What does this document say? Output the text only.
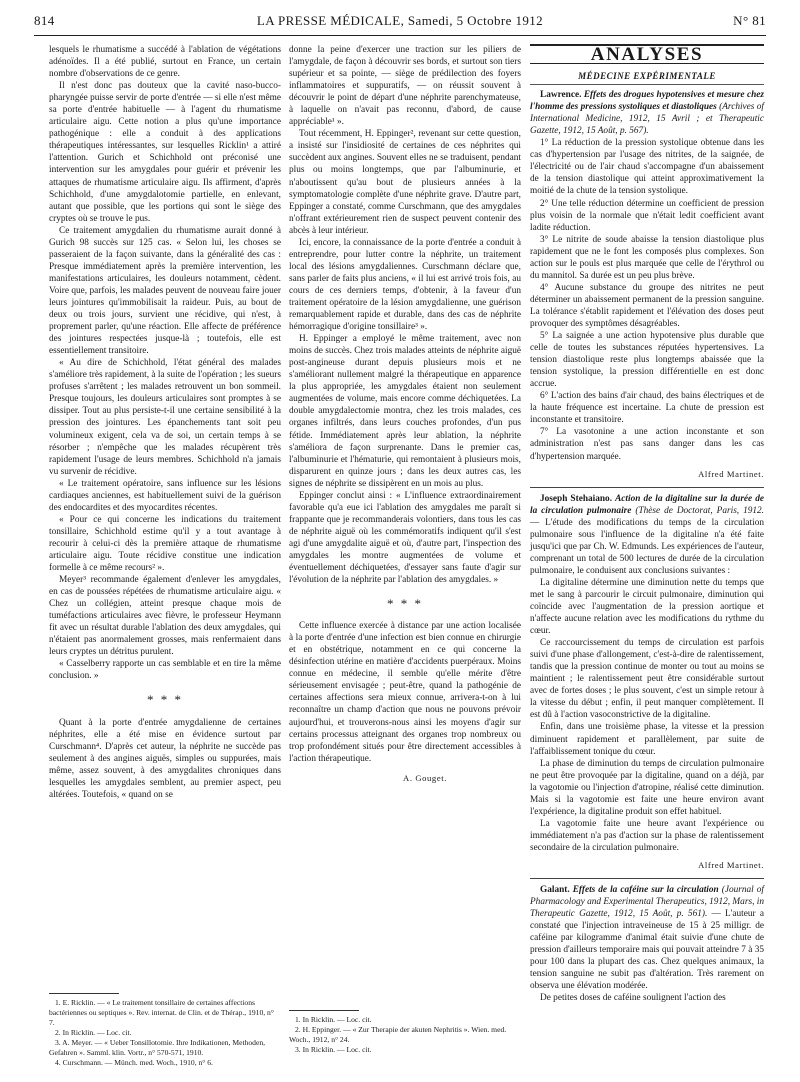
814	LA PRESSE MÉDICALE, Samedi, 5 Octobre 1912	N° 81

lesquels le rhumatisme a succédé à l'ablation de végétations adénoïdes. Il a été publié, surtout en France, un certain nombre d'observations de ce genre.

Il n'est donc pas douteux que la cavité naso-bucco-pharyngée puisse servir de porte d'entrée — si elle n'est même sa porte d'entrée habituelle — à l'agent du rhumatisme articulaire aigu. Cette notion a plus qu'une importance pathogénique : elle a conduit à des applications thérapeutiques intéressantes, sur lesquelles Ricklin¹ a attiré l'attention. Gurich et Schichhold ont préconisé une intervention sur les amygdales pour guérir et prévenir les attaques de rhumatisme articulaire aigu. Ils affirment, d'après Schichhold, d'une amygdalotomie partielle, en enlevant, autant que possible, que les portions qui sont le siège des cryptes où se trouve le pus.

Ce traitement amygdalien du rhumatisme aurait donné à Gurich 98 succès sur 125 cas. « Selon lui, les choses se passeraient de la façon suivante, dans la généralité des cas : Presque immédiatement après la première intervention, les manifestations articulaires, les douleurs notamment, cèdent. Voire que, parfois, les malades peuvent de nouveau faire jouer leurs jointures qu'immobilisait la raideur. Puis, au bout de deux ou trois jours, survient une récidive, qui n'est, à proprement parler, qu'une réaction. Elle affecte de préférence des jointures respectées jusque-là ; toutefois, elle est essentiellement transitoire.

« Au dire de Schichhold, l'état général des malades s'améliore très rapidement, à la suite de l'opération ; les sueurs profuses s'arrêtent ; les malades retrouvent un bon sommeil. Presque toujours, les douleurs articulaires sont promptes à se dissiper. Tout au plus persiste-t-il une certaine sensibilité à la pression des jointures. Les épanchements tant soit peu volumineux exigent, cela va de soi, un certain temps à se résorber ; n'empêche que les malades récupèrent très rapidement l'usage de leurs membres. Schichhold n'a jamais vu survenir de récidive.

« Le traitement opératoire, sans influence sur les lésions cardiaques anciennes, est habituellement suivi de la guérison des endocardites et des myocardites récentes.

« Pour ce qui concerne les indications du traitement tonsillaire, Schichhold estime qu'il y a tout avantage à recourir à celui-ci dès la première attaque de rhumatisme articulaire aigu. Toute récidive constitue une indication formelle à ce même recours² ».

Meyer³ recommande également d'enlever les amygdales, en cas de poussées répétées de rhumatisme articulaire aigu. « Chez un collégien, atteint presque chaque mois de tuméfactions articulaires avec fièvre, le professeur Heymann fit avec un résultat durable l'ablation des deux amygdales, qui n'étaient pas anormalement grosses, mais renfermaient dans leurs cryptes un détritus purulent.

« Casselberry rapporte un cas semblable et en tire la même conclusion. »

* * *

Quant à la porte d'entrée amygdalienne de certaines néphrites, elle a été mise en évidence surtout par Curschmann⁴. D'après cet auteur, la néphrite ne succède pas seulement à des angines aiguës, simples ou suppurées, mais même, assez souvent, à des amygdalites chroniques dans lesquelles les amygdales semblent, au premier aspect, peu altérées. Toutefois, « quand on se

1. E. Ricklin. — « Le traitement tonsillaire de certaines affections bactériennes ou septiques ». Rev. internat. de Clin. et de Thérap., 1910, n° 7.

2. In Ricklin. — Loc. cit.

3. A. Meyer. — « Ueber Tonsillotomie. Ihre Indikationen, Methoden, Gefahren ». Samml. klin. Vortr., n° 570-571, 1910.

4. Curschmann. — Münch. med. Woch., 1910, n° 6.

donne la peine d'exercer une traction sur les piliers de l'amygdale, de façon à découvrir ses bords, et surtout son tiers supérieur et sa pointe, — siège de prédilection des foyers inflammatoires et suppuratifs, — on réussit souvent à découvrir le point de départ d'une néphrite parenchymateuse, à laquelle on n'avait pas reconnu, d'abord, de cause appréciable¹ ».

Tout récemment, H. Eppinger², revenant sur cette question, a insisté sur l'insidiosité de certaines de ces néphrites qui succèdent aux angines. Souvent elles ne se traduisent, pendant plus ou moins longtemps, que par l'albuminurie, et n'aboutissent qu'au bout de plusieurs années à la symptomatologie complète d'une néphrite grave. D'autre part, Eppinger a constaté, comme Curschmann, que des amygdales n'offrant extérieurement rien de suspect peuvent contenir des abcès à leur intérieur.

Ici, encore, la connaissance de la porte d'entrée a conduit à entreprendre, pour lutter contre la néphrite, un traitement local des lésions amygdaliennes. Curschmann déclare que, sans parler de faits plus anciens, « il lui est arrivé trois fois, au cours de ces derniers temps, d'obtenir, à la faveur d'un traitement opératoire de la lésion amygdalienne, une guérison remarquablement rapide et durable, dans des cas de néphrite hémorragique d'origine tonsillaire³ ».

H. Eppinger a employé le même traitement, avec non moins de succès. Chez trois malades atteints de néphrite aiguë post-angineuse durant depuis plusieurs mois et ne s'améliorant nullement malgré la thérapeutique en apparence la plus appropriée, les amygdales étaient non seulement augmentées de volume, mais encore comme déchiquetées. La double amygdalectomie montra, chez les trois malades, ces organes infiltrés, dans leurs couches profondes, d'un pus fétide. Immédiatement après leur ablation, la néphrite s'améliora de façon surprenante. Dans le premier cas, l'albuminurie et l'hématurie, qui remontaient à plusieurs mois, disparurent en quinze jours ; dans les deux autres cas, les signes de néphrite se dissipèrent en un mois au plus.

Eppinger conclut ainsi : « L'influence extraordinairement favorable qu'a eue ici l'ablation des amygdales me paraît si frappante que je recommanderais volontiers, dans tous les cas de néphrite aiguë où les commémoratifs indiquent qu'il s'est agi d'une amygdalite aiguë et où, d'autre part, l'inspection des amygdales les montre augmentées de volume et éventuellement déchiquetées, d'essayer sans faute d'agir sur l'évolution de la néphrite par l'ablation des amygdales. »

* * *

Cette influence exercée à distance par une action localisée à la porte d'entrée d'une infection est bien connue en chirurgie et en obstétrique, notamment en ce qui concerne la désinfection utérine en matière d'accidents puerpéraux. Moins connue en médecine, il semble qu'elle mérite d'être sérieusement envisagée ; peut-être, quand la pathogénie de certaines affections sera mieux connue, arrivera-t-on à lui reconnaître un champ d'action que nous ne pouvons prévoir aujourd'hui, et trouverons-nous ainsi les moyens d'agir sur certains processus atteignant des organes trop nombreux ou trop profondément situés pour être directement accessibles à l'action thérapeutique.

A. Gouget.

1. In Ricklin. — Loc. cit.

2. H. Eppinger. — « Zur Therapie der akuten Nephritis ». Wien. med. Woch., 1912, n° 24.

3. In Ricklin. — Loc. cit.

ANALYSES
MÉDECINE EXPÉRIMENTALE

Lawrence. Effets des drogues hypotensives et mesure chez l'homme des pressions systoliques et diastoliques (Archives of International Medicine, 1912, 15 Avril ; et Therapeutic Gazette, 1912, 15 Août, p. 567).

1° La réduction de la pression systolique obtenue dans les cas d'hypertension par l'usage des nitrites, de la saignée, de l'électricité ou de l'air chaud s'accompagne d'un abaissement de la tension diastolique qui atteint approximativement la moitié de la chute de la tension systolique.

2° Une telle réduction détermine un coefficient de pression plus voisin de la normale que n'était ledit coefficient avant ladite réduction.

3° Le nitrite de soude abaisse la tension diastolique plus rapidement que ne le font les composés plus complexes. Son action sur le pouls est plus marquée que celle de l'érythrol ou du mannitol. Sa durée est un peu plus brève.

4° Aucune substance du groupe des nitrites ne peut déterminer un abaissement permanent de la pression sanguine. La tolérance s'établit rapidement et l'élévation des doses peut provoquer des symptômes désagréables.

5° La saignée a une action hypotensive plus durable que celle de toutes les substances réputées hypertensives. La tension diastolique reste plus longtemps abaissée que la tension systolique, la pression différentielle en est donc accrue.

6° L'action des bains d'air chaud, des bains électriques et de la haute fréquence est incertaine. La chute de pression est inconstante et transitoire.

7° La vasotonine a une action inconstante et son administration n'est pas sans danger dans les cas d'hypertension marquée.

Alfred Martinet.

Joseph Stehaiano. Action de la digitaline sur la durée de la circulation pulmonaire (Thèse de Doctorat, Paris, 1912. — L'étude des modifications du temps de la circulation pulmonaire sous l'influence de la digitaline n'a été faite jusqu'ici que par Ch. W. Edmunds. Les expériences de l'auteur, comprenant un total de 500 lectures de durée de la circulation pulmonaire, le conduisent aux conclusions suivantes :

La digitaline détermine une diminution nette du temps que met le sang à parcourir le circuit pulmonaire, diminution qui coïncide avec l'augmentation de la pression aortique et n'affecte aucune relation avec les modifications du rythme du cœur.

Ce raccourcissement du temps de circulation est parfois suivi d'une phase d'allongement, c'est-à-dire de ralentissement, tandis que la pression continue de monter ou tout au moins se maintient ; le ralentissement peut être considérable surtout avec de fortes doses ; le plus souvent, c'est un simple retour à la vitesse du début ; enfin, il peut manquer complètement. Il est dû à l'action vasoconstrictive de la digitaline.

Enfin, dans une troisième phase, la vitesse et la pression diminuent rapidement et parallèlement, par suite de l'affaiblissement tonique du cœur.

La phase de diminution du temps de circulation pulmonaire ne peut être provoquée par la digitaline, quand on a déjà, par la vagotomie ou l'injection d'atropine, réalisé cette diminution. Mais si la vagotomie est faite une heure environ avant l'expérience, la digitaline produit son effet habituel.

La vagotomie faite une heure avant l'expérience ou immédiatement n'a pas d'action sur la phase de ralentissement secondaire de la circulation pulmonaire.

Alfred Martinet.

Galant. Effets de la caféine sur la circulation (Journal of Pharmacology and Experimental Therapeutics, 1912, Mars, in Therapeutic Gazette, 1912, 15 Août, p. 561). — L'auteur a constaté que l'injection intraveineuse de 15 à 25 milligr. de caféine par kilogramme d'animal était suivie d'une chute de pression d'ailleurs temporaire mais qui pouvait atteindre 7 à 35 pour 100 dans la plupart des cas. Chez quelques animaux, la tension sanguine ne subit pas d'altération. Très rarement on observa une élévation modérée.

De petites doses de caféine soulignent l'action des
